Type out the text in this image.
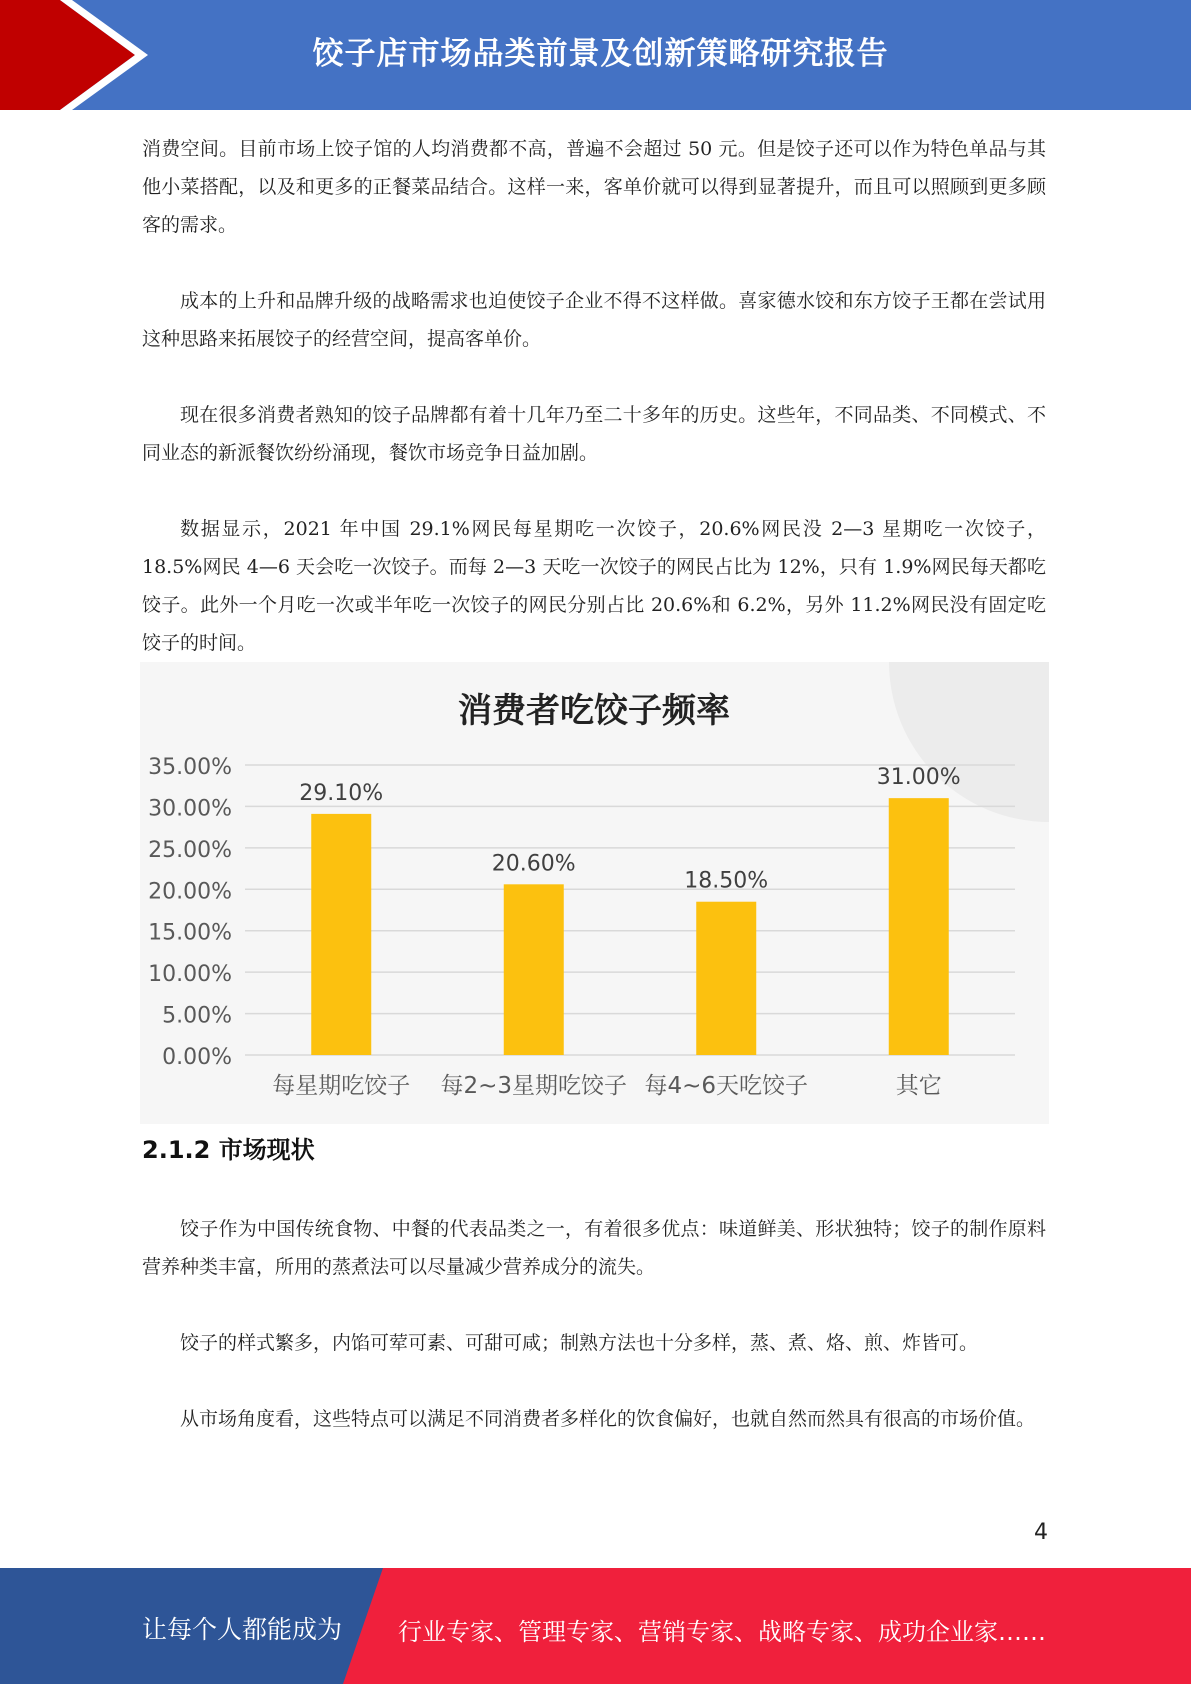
饺子店市场品类前景及创新策略研究报告

消费空间。目前市场上饺子馆的人均消费都不高，普遍不会超过 50 元。但是饺子还可以作为特色单品与其他小菜搭配，以及和更多的正餐菜品结合。这样一来，客单价就可以得到显著提升，而且可以照顾到更多顾客的需求。

成本的上升和品牌升级的战略需求也迫使饺子企业不得不这样做。喜家德水饺和东方饺子王都在尝试用这种思路来拓展饺子的经营空间，提高客单价。

现在很多消费者熟知的饺子品牌都有着十几年乃至二十多年的历史。这些年，不同品类、不同模式、不同业态的新派餐饮纷纷涌现，餐饮市场竞争日益加剧。

数据显示，2021 年中国 29.1%网民每星期吃一次饺子，20.6%网民没 2—3 星期吃一次饺子，18.5%网民 4—6 天会吃一次饺子。而每 2—3 天吃一次饺子的网民占比为 12%，只有 1.9%网民每天都吃饺子。此外一个月吃一次或半年吃一次饺子的网民分别占比 20.6%和 6.2%，另外 11.2%网民没有固定吃饺子的时间。

消费者吃饺子频率
0.00%
5.00%
10.00%
15.00%
20.00%
25.00%
30.00%
35.00%
29.10%
每星期吃饺子
20.60%
每2~3星期吃饺子
18.50%
每4~6天吃饺子
31.00%
其它
2.1.2 市场现状

饺子作为中国传统食物、中餐的代表品类之一，有着很多优点：味道鲜美、形状独特；饺子的制作原料营养种类丰富，所用的蒸煮法可以尽量减少营养成分的流失。

饺子的样式繁多，内馅可荤可素、可甜可咸；制熟方法也十分多样，蒸、煮、烙、煎、炸皆可。

从市场角度看，这些特点可以满足不同消费者多样化的饮食偏好，也就自然而然具有很高的市场价值。

4
让每个人都能成为 行业专家、管理专家、营销专家、战略专家、成功企业家……
